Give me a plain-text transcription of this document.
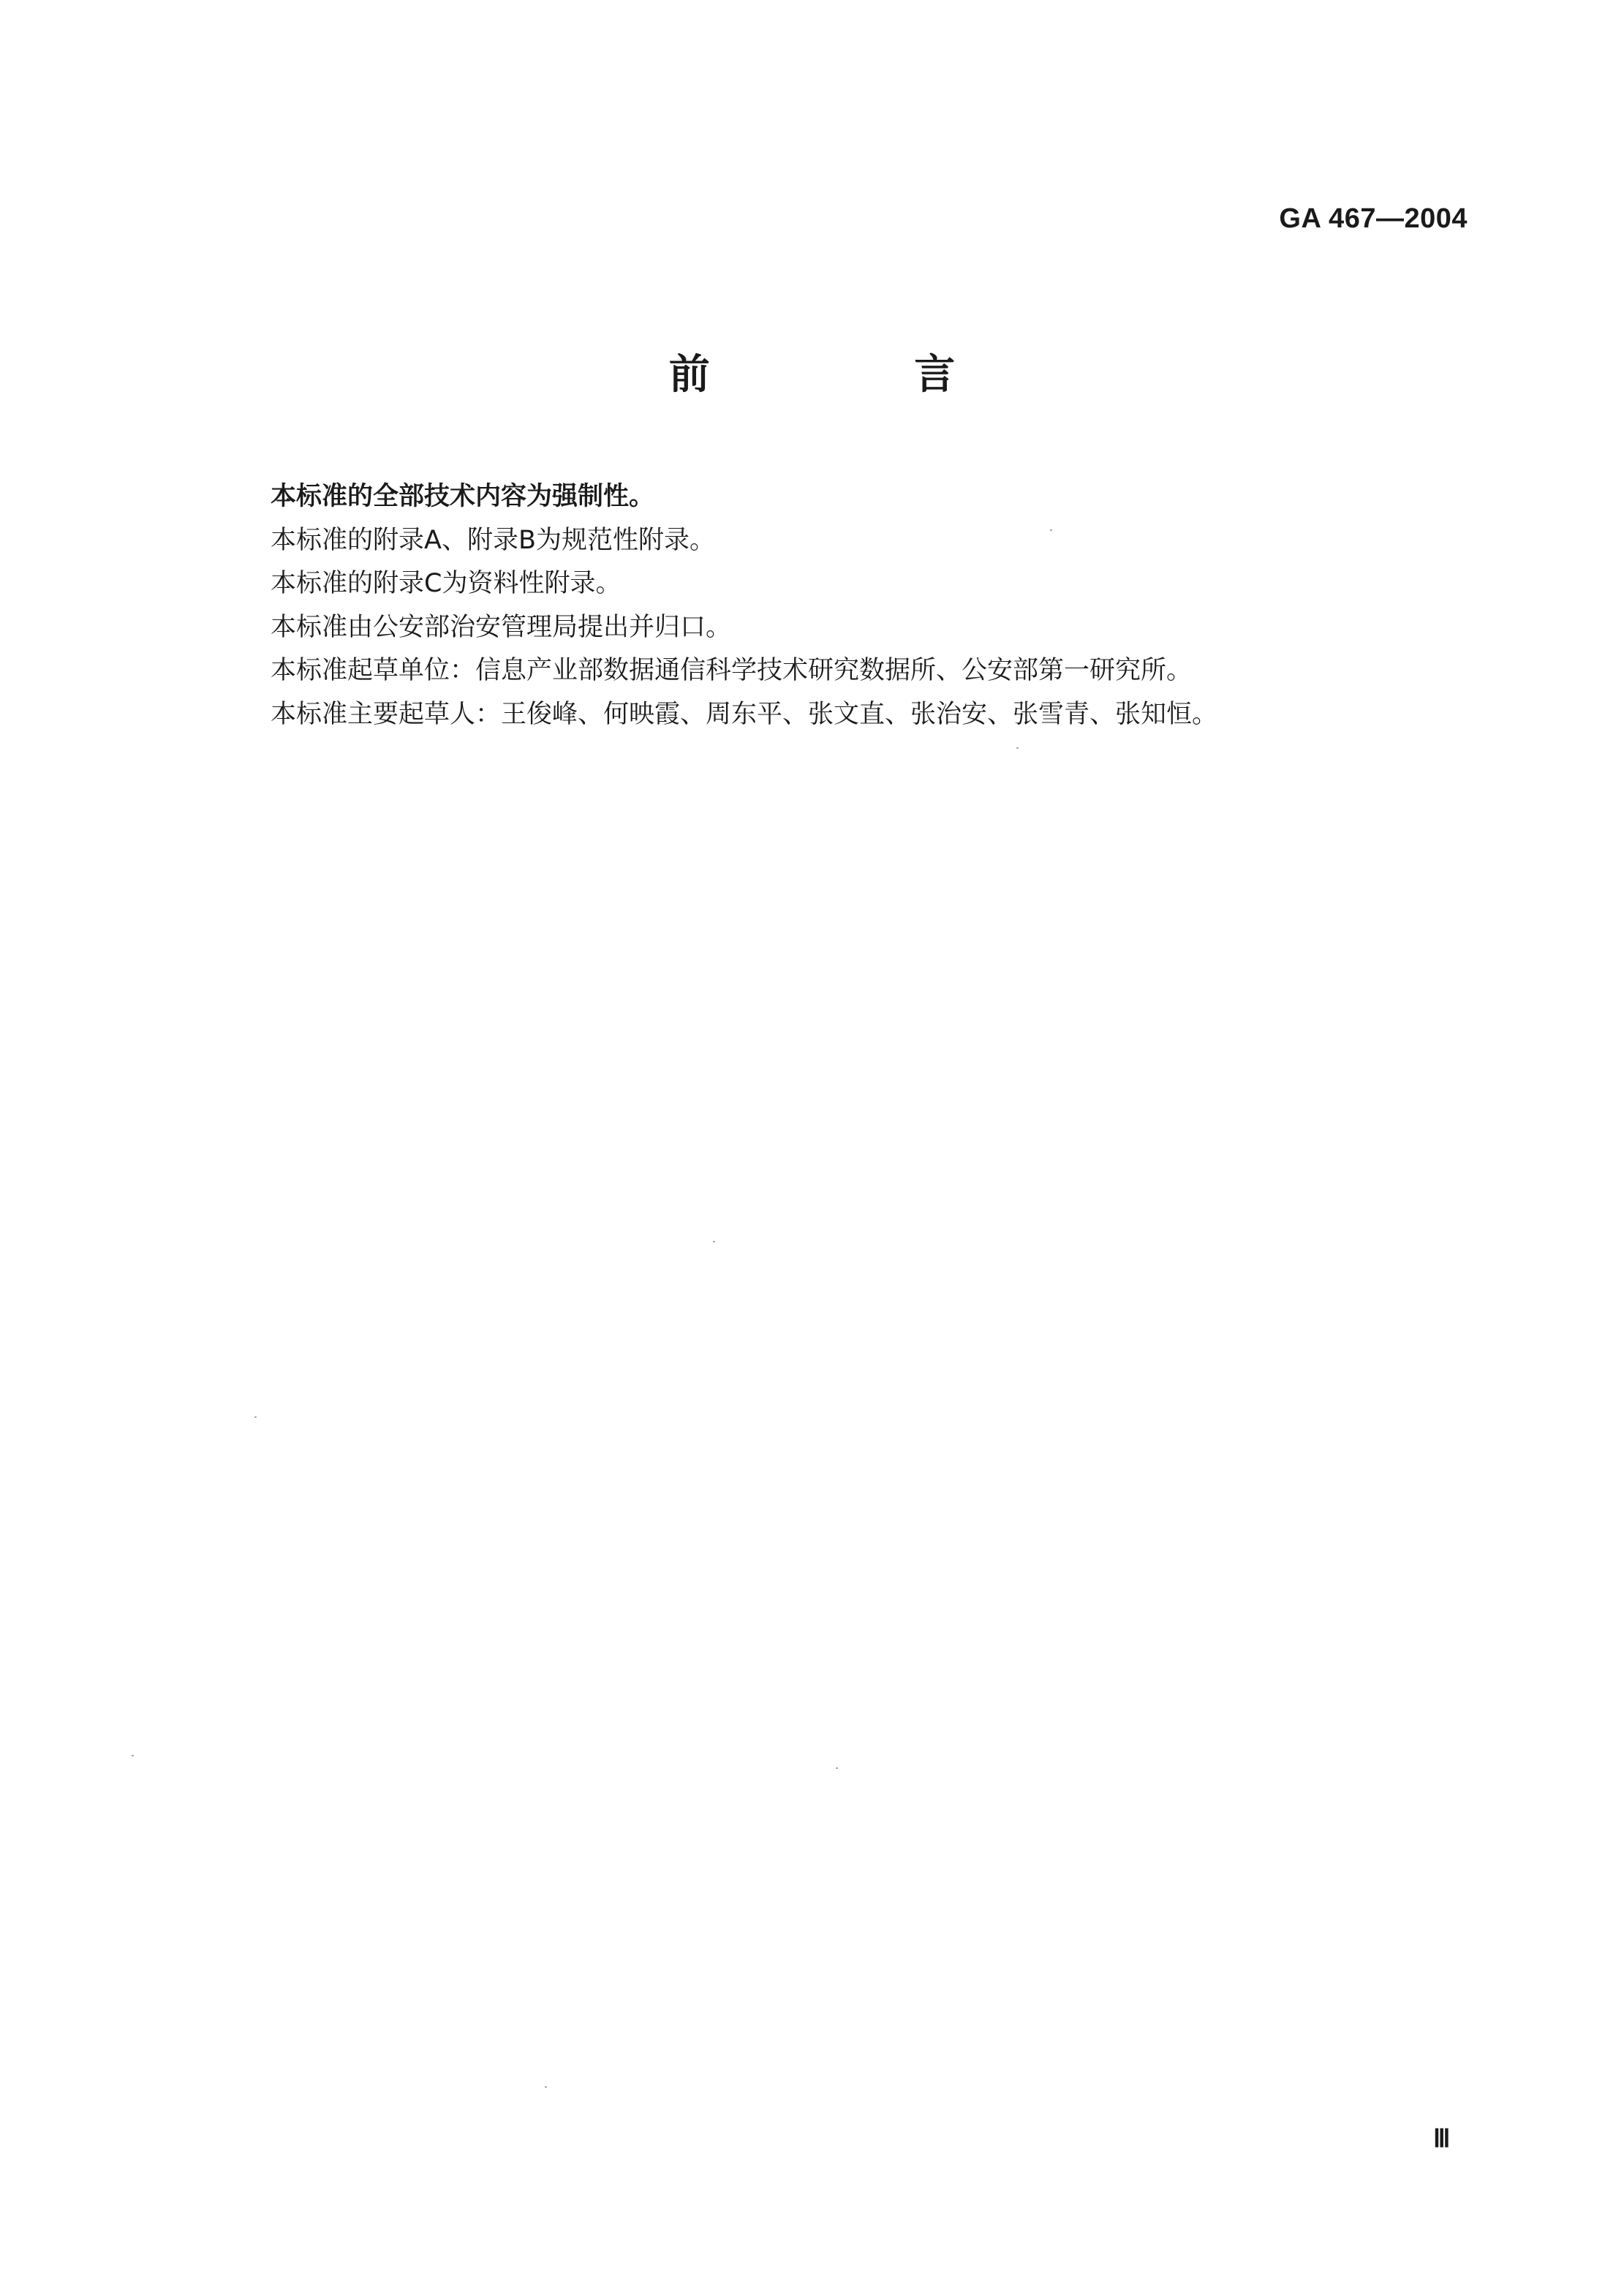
GA 467—2004
前 言
本标准的全部技术内容为强制性。
本标准的附录A、附录B为规范性附录。
本标准的附录C为资料性附录。
本标准由公安部治安管理局提出并归口。
本标准起草单位：信息产业部数据通信科学技术研究数据所、公安部第一研究所。
本标准主要起草人：王俊峰、何映霞、周东平、张文直、张治安、张雪青、张知恒。
Ⅲ
